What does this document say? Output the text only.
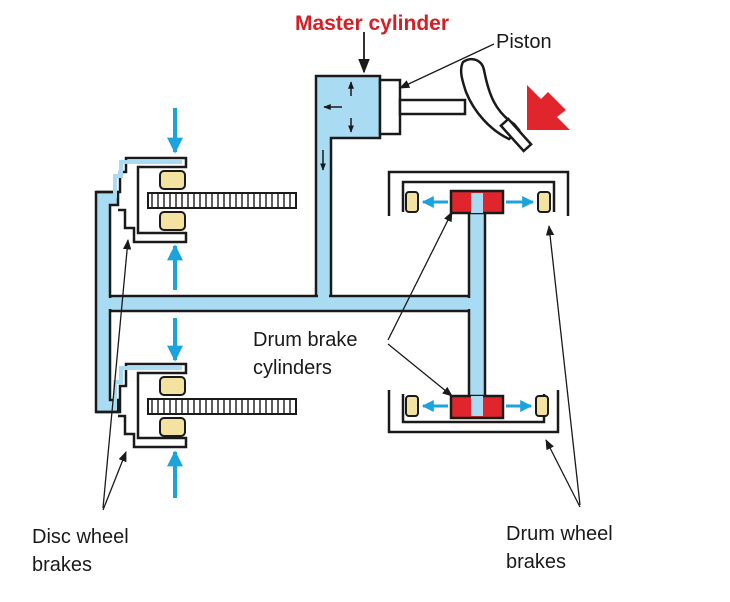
Master cylinder
Piston
Drum brake cylinders
Disc wheel brakes
Drum wheel brakes
